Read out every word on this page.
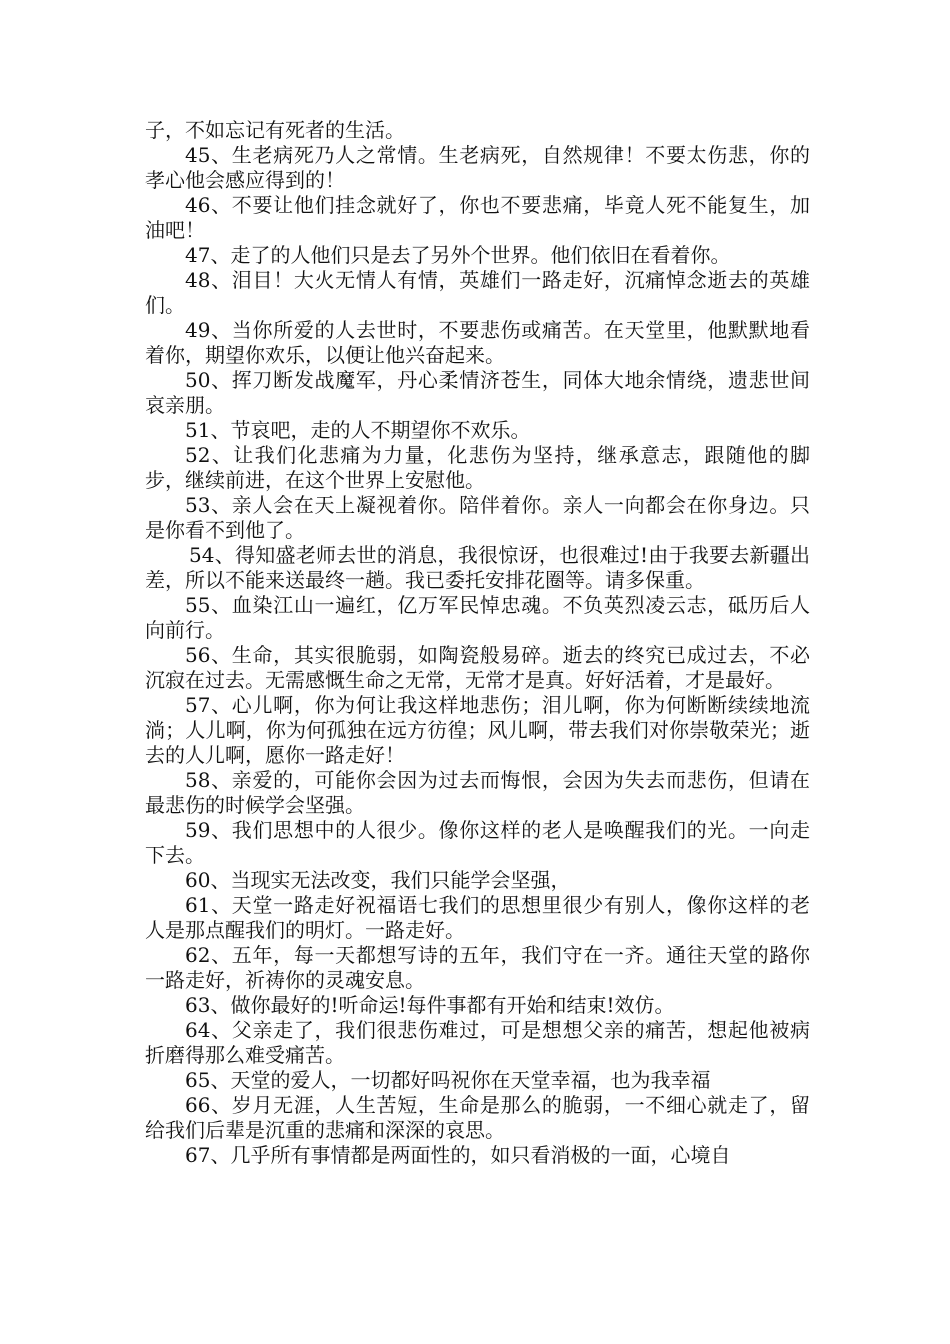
子，不如忘记有死者的生活。

45、生老病死乃人之常情。生老病死，自然规律！不要太伤悲，你的孝心他会感应得到的！

46、不要让他们挂念就好了，你也不要悲痛，毕竟人死不能复生，加油吧！

47、走了的人他们只是去了另外个世界。他们依旧在看着你。

48、泪目！大火无情人有情，英雄们一路走好，沉痛悼念逝去的英雄们。

49、当你所爱的人去世时，不要悲伤或痛苦。在天堂里，他默默地看着你，期望你欢乐，以便让他兴奋起来。

50、挥刀断发战魔军，丹心柔情济苍生，同体大地余情绕，遗悲世间哀亲朋。

51、节哀吧，走的人不期望你不欢乐。

52、让我们化悲痛为力量，化悲伤为坚持，继承意志，跟随他的脚步，继续前进，在这个世界上安慰他。

53、亲人会在天上凝视着你。陪伴着你。亲人一向都会在你身边。只是你看不到他了。

54、得知盛老师去世的消息，我很惊讶，也很难过!由于我要去新疆出差，所以不能来送最终一趟。我已委托安排花圈等。请多保重。

55、血染江山一遍红，亿万军民悼忠魂。不负英烈凌云志，砥历后人向前行。

56、生命，其实很脆弱，如陶瓷般易碎。逝去的终究已成过去，不必沉寂在过去。无需感慨生命之无常，无常才是真。好好活着，才是最好。

57、心儿啊，你为何让我这样地悲伤；泪儿啊，你为何断断续续地流淌；人儿啊，你为何孤独在远方彷徨；风儿啊，带去我们对你崇敬荣光；逝去的人儿啊，愿你一路走好！

58、亲爱的，可能你会因为过去而悔恨，会因为失去而悲伤，但请在最悲伤的时候学会坚强。

59、我们思想中的人很少。像你这样的老人是唤醒我们的光。一向走下去。

60、当现实无法改变，我们只能学会坚强，

61、天堂一路走好祝福语七我们的思想里很少有别人，像你这样的老人是那点醒我们的明灯。一路走好。

62、五年，每一天都想写诗的五年，我们守在一齐。通往天堂的路你一路走好，祈祷你的灵魂安息。

63、做你最好的!听命运!每件事都有开始和结束!效仿。

64、父亲走了，我们很悲伤难过，可是想想父亲的痛苦，想起他被病折磨得那么难受痛苦。

65、天堂的爱人，一切都好吗祝你在天堂幸福，也为我幸福

66、岁月无涯，人生苦短，生命是那么的脆弱，一不细心就走了，留给我们后辈是沉重的悲痛和深深的哀思。

67、几乎所有事情都是两面性的，如只看消极的一面，心境自
